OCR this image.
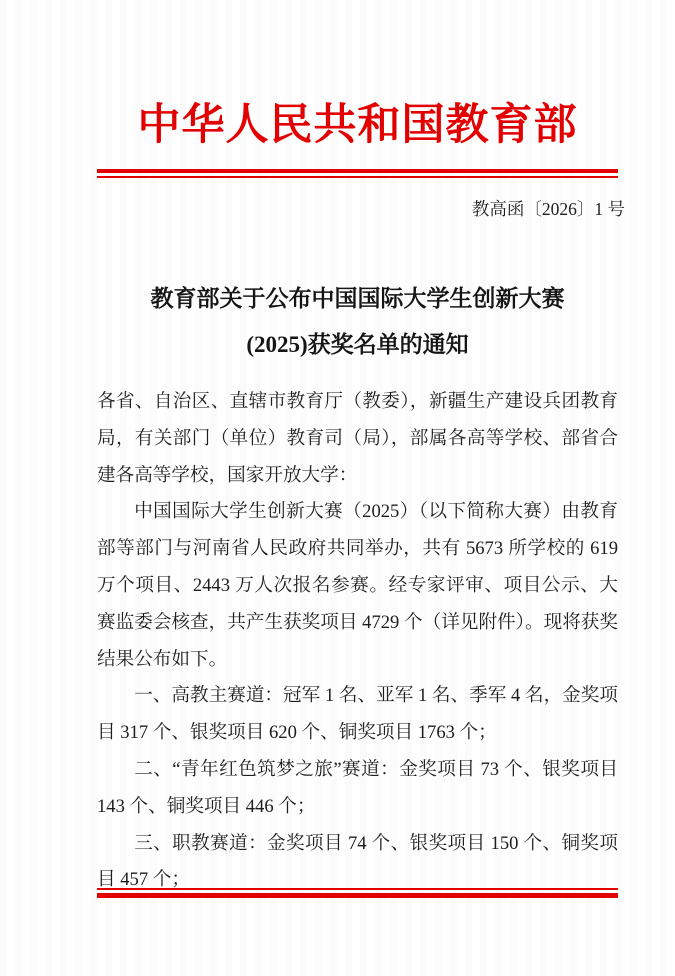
中华人民共和国教育部
教高函〔2026〕1 号
教育部关于公布中国国际大学生创新大赛
(2025)获奖名单的通知

各省、自治区、直辖市教育厅（教委），新疆生产建设兵团教育局，有关部门（单位）教育司（局），部属各高等学校、部省合建各高等学校，国家开放大学：

中国国际大学生创新大赛（2025）（以下简称大赛）由教育部等部门与河南省人民政府共同举办，共有 5673 所学校的 619 万个项目、2443 万人次报名参赛。经专家评审、项目公示、大赛监委会核查，共产生获奖项目 4729 个（详见附件）。现将获奖结果公布如下。

一、高教主赛道：冠军 1 名、亚军 1 名、季军 4 名，金奖项目 317 个、银奖项目 620 个、铜奖项目 1763 个；

二、“青年红色筑梦之旅”赛道：金奖项目 73 个、银奖项目 143 个、铜奖项目 446 个；

三、职教赛道：金奖项目 74 个、银奖项目 150 个、铜奖项目 457 个；
